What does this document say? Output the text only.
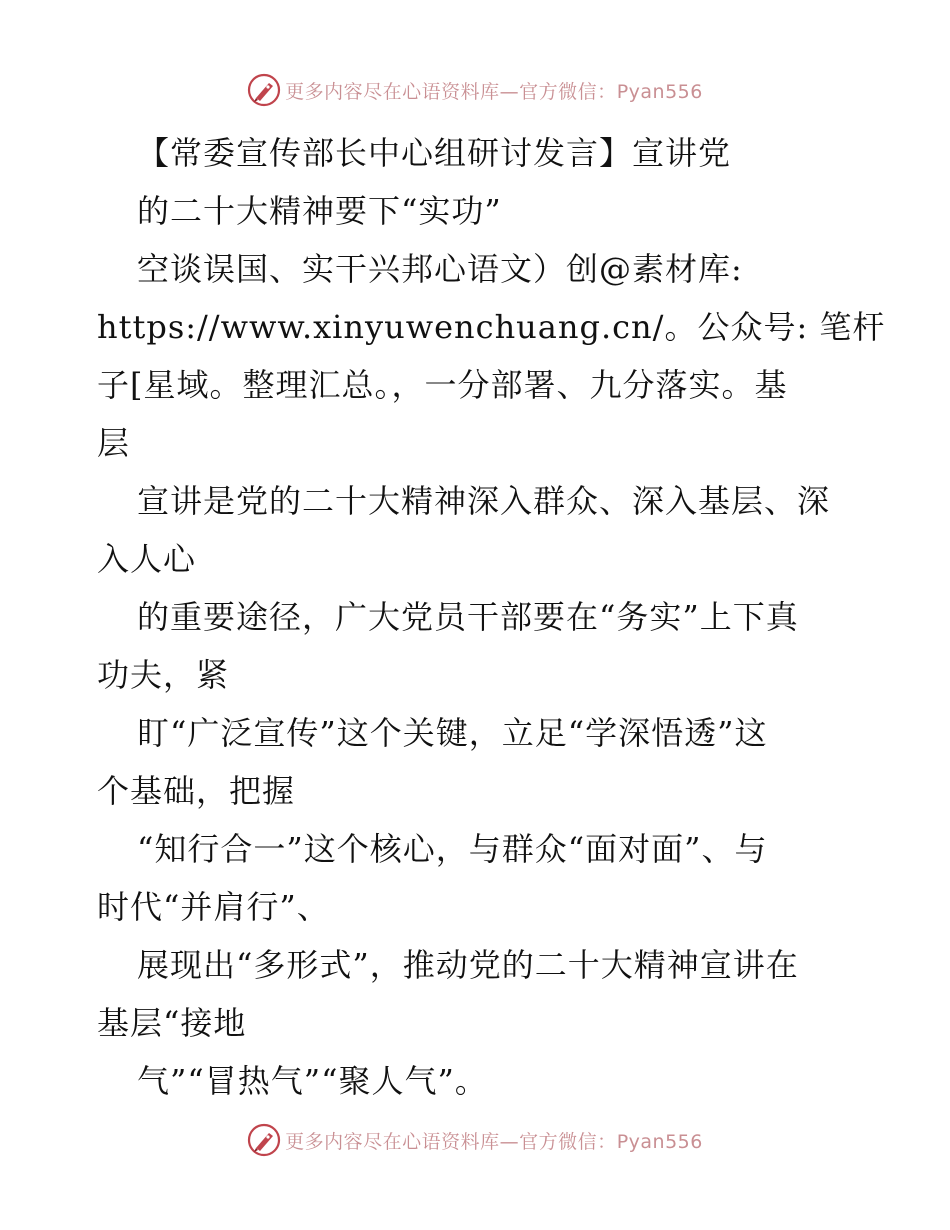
更多内容尽在心语资料库—官方微信：Pyan556
【常委宣传部长中心组研讨发言】宣讲党
的二十大精神要下“实功”
空谈误国、实干兴邦心语文）创@素材库:
https://www.xinyuwenchuang.cn/。公众号: 笔杆
子[星域。整理汇总。，一分部署、九分落实。基
层
宣讲是党的二十大精神深入群众、深入基层、深
入人心
的重要途径，广大党员干部要在“务实”上下真
功夫，紧
盯“广泛宣传”这个关键，立足“学深悟透”这
个基础，把握
“知行合一”这个核心，与群众“面对面”、与
时代“并肩行”、
展现出“多形式”，推动党的二十大精神宣讲在
基层“接地
气”“冒热气”“聚人气”。
更多内容尽在心语资料库—官方微信：Pyan556
